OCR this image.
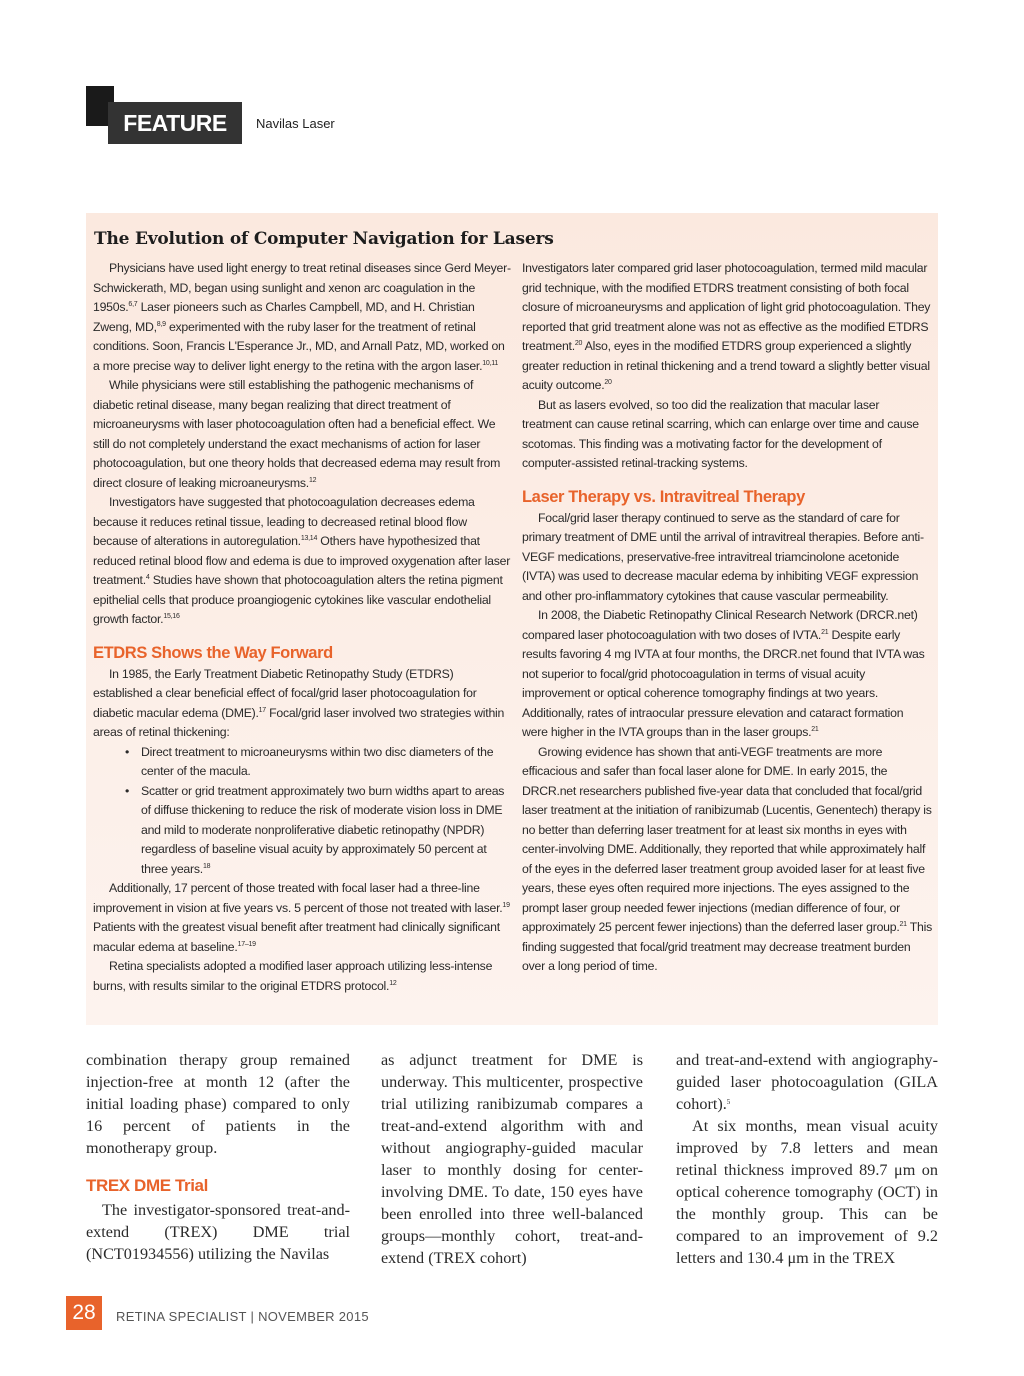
FEATURE	Navilas Laser
The Evolution of Computer Navigation for Lasers

Physicians have used light energy to treat retinal diseases since Gerd Meyer-Schwickerath, MD, began using sunlight and xenon arc coagulation in the 1950s.$^{6,7}$ Laser pioneers such as Charles Campbell, MD, and H. Christian Zweng, MD,$^{8,9}$ experimented with the ruby laser for the treatment of retinal conditions. Soon, Francis L'Esperance Jr., MD, and Arnall Patz, MD, worked on a more precise way to deliver light energy to the retina with the argon laser.$^{10,11}$

While physicians were still establishing the pathogenic mechanisms of diabetic retinal disease, many began realizing that direct treatment of microaneurysms with laser photocoagulation often had a beneficial effect. We still do not completely understand the exact mechanisms of action for laser photocoagulation, but one theory holds that decreased edema may result from direct closure of leaking microaneurysms.$^{12}$

Investigators have suggested that photocoagulation decreases edema because it reduces retinal tissue, leading to decreased retinal blood flow because of alterations in autoregulation.$^{13,14}$ Others have hypothesized that reduced retinal blood flow and edema is due to improved oxygenation after laser treatment.$^4$ Studies have shown that photocoagulation alters the retina pigment epithelial cells that produce proangiogenic cytokines like vascular endothelial growth factor.$^{15,16}$

ETDRS Shows the Way Forward

In 1985, the Early Treatment Diabetic Retinopathy Study (ETDRS) established a clear beneficial effect of focal/grid laser photocoagulation for diabetic macular edema (DME).$^{17}$ Focal/grid laser involved two strategies within areas of retinal thickening:

• Direct treatment to microaneurysms within two disc diameters of the center of the macula.
• Scatter or grid treatment approximately two burn widths apart to areas of diffuse thickening to reduce the risk of moderate vision loss in DME and mild to moderate nonproliferative diabetic retinopathy (NPDR) regardless of baseline visual acuity by approximately 50 percent at three years.$^{18}$

Additionally, 17 percent of those treated with focal laser had a three-line improvement in vision at five years vs. 5 percent of those not treated with laser.$^{19}$ Patients with the greatest visual benefit after treatment had clinically significant macular edema at baseline.$^{17-19}$

Retina specialists adopted a modified laser approach utilizing less-intense burns, with results similar to the original ETDRS protocol.$^{12}$

Investigators later compared grid laser photocoagulation, termed mild macular grid technique, with the modified ETDRS treatment consisting of both focal closure of microaneurysms and application of light grid photocoagulation. They reported that grid treatment alone was not as effective as the modified ETDRS treatment.$^{20}$ Also, eyes in the modified ETDRS group experienced a slightly greater reduction in retinal thickening and a trend toward a slightly better visual acuity outcome.$^{20}$

But as lasers evolved, so too did the realization that macular laser treatment can cause retinal scarring, which can enlarge over time and cause scotomas. This finding was a motivating factor for the development of computer-assisted retinal-tracking systems.

Laser Therapy vs. Intravitreal Therapy

Focal/grid laser therapy continued to serve as the standard of care for primary treatment of DME until the arrival of intravitreal therapies. Before anti-VEGF medications, preservative-free intravitreal triamcinolone acetonide (IVTA) was used to decrease macular edema by inhibiting VEGF expression and other pro-inflammatory cytokines that cause vascular permeability.

In 2008, the Diabetic Retinopathy Clinical Research Network (DRCR.net) compared laser photocoagulation with two doses of IVTA.$^{21}$ Despite early results favoring 4 mg IVTA at four months, the DRCR.net found that IVTA was not superior to focal/grid photocoagulation in terms of visual acuity improvement or optical coherence tomography findings at two years. Additionally, rates of intraocular pressure elevation and cataract formation were higher in the IVTA groups than in the laser groups.$^{21}$

Growing evidence has shown that anti-VEGF treatments are more efficacious and safer than focal laser alone for DME. In early 2015, the DRCR.net researchers published five-year data that concluded that focal/grid laser treatment at the initiation of ranibizumab (Lucentis, Genentech) therapy is no better than deferring laser treatment for at least six months in eyes with center-involving DME. Additionally, they reported that while approximately half of the eyes in the deferred laser treatment group avoided laser for at least five years, these eyes often required more injections. The eyes assigned to the prompt laser group needed fewer injections (median difference of four, or approximately 25 percent fewer injections) than the deferred laser group.$^{21}$ This finding suggested that focal/grid treatment may decrease treatment burden over a long period of time.

combination therapy group remained injection-free at month 12 (after the initial loading phase) compared to only 16 percent of patients in the monotherapy group.

TREX DME Trial

The investigator-sponsored treat-and-extend (TREX) DME trial (NCT01934556) utilizing the Navilas

as adjunct treatment for DME is underway. This multicenter, prospective trial utilizing ranibizumab compares a treat-and-extend algorithm with and without angiography-guided macular laser to monthly dosing for center-involving DME. To date, 150 eyes have been enrolled into three well-balanced groups—monthly cohort, treat-and-extend (TREX cohort)

and treat-and-extend with angiography-guided laser photocoagulation (GILA cohort).$^5$

At six months, mean visual acuity improved by 7.8 letters and mean retinal thickness improved 89.7 μm on optical coherence tomography (OCT) in the monthly group. This can be compared to an improvement of 9.2 letters and 130.4 μm in the TREX

28	RETINA SPECIALIST | NOVEMBER 2015
